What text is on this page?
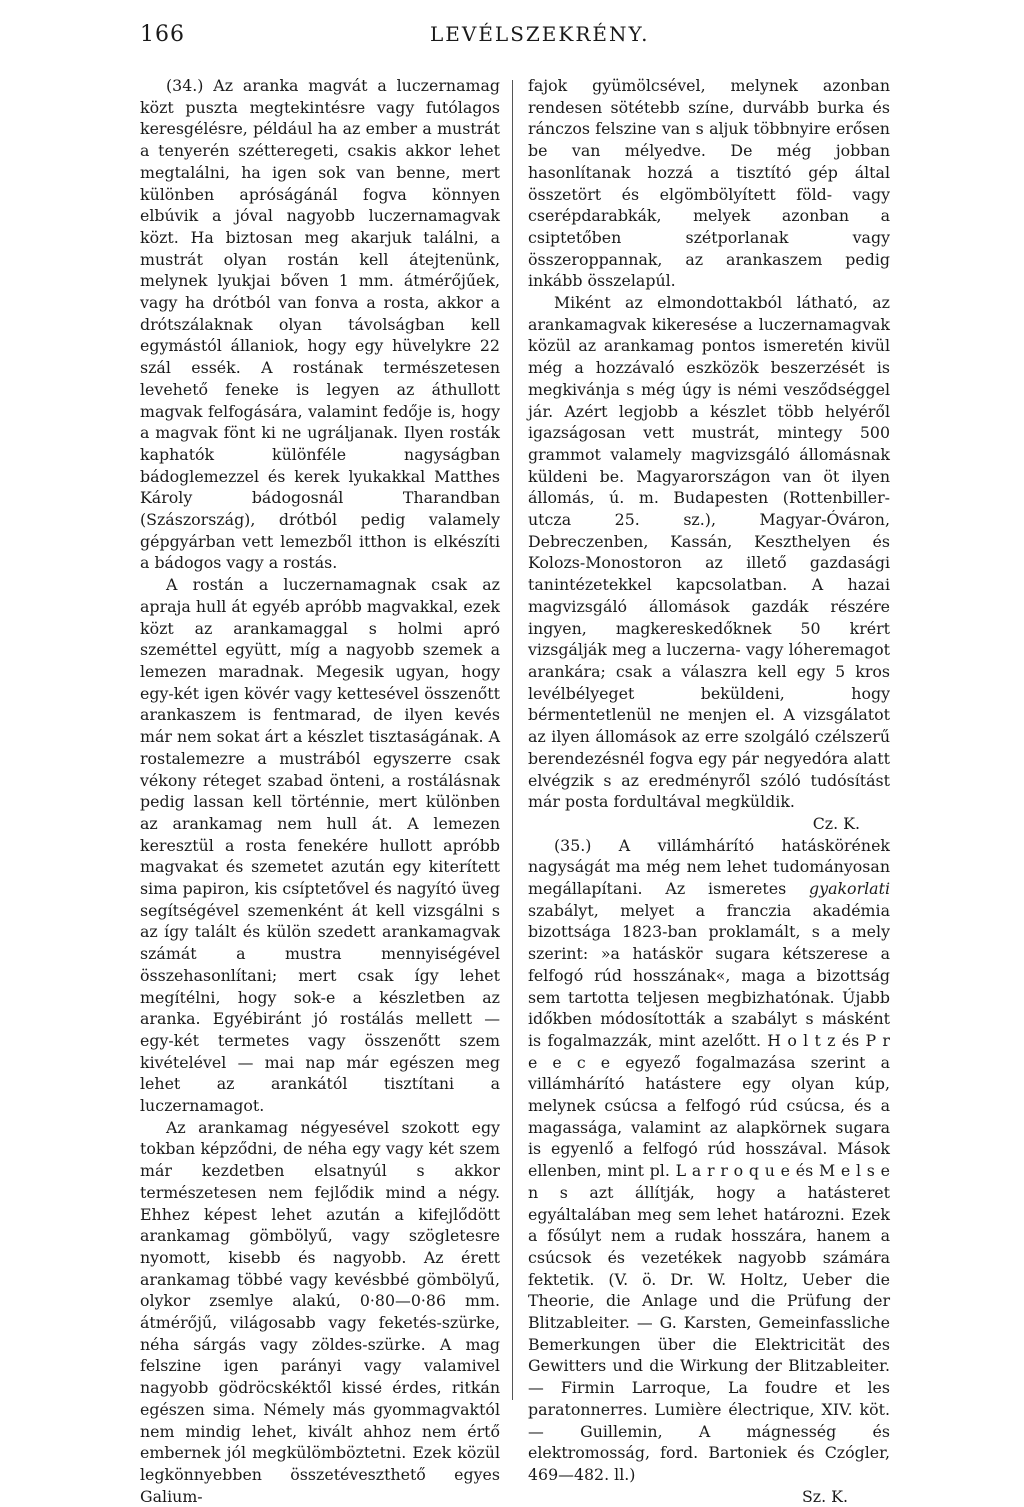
166	LEVÉLSZEKRÉNY.

(34.) Az aranka magvát a luczernamag közt puszta megtekintésre vagy futólagos keresgélésre, például ha az ember a mustrát a tenyerén szétteregeti, csakis akkor lehet megtalálni, ha igen sok van benne, mert különben apróságánál fogva könnyen elbúvik a jóval nagyobb luczernamagvak közt. Ha biztosan meg akarjuk találni, a mustrát olyan rostán kell átejtenünk, melynek lyukjai bőven 1 mm. átmérőjűek, vagy ha drótból van fonva a rosta, akkor a drótszálaknak olyan távolságban kell egymástól állaniok, hogy egy hüvelykre 22 szál essék. A rostának természetesen levehető feneke is legyen az áthullott magvak felfogására, valamint fedője is, hogy a magvak fönt ki ne ugráljanak. Ilyen rosták kaphatók különféle nagyságban bádoglemezzel és kerek lyukakkal Matthes Károly bádogosnál Tharandban (Szászország), drótból pedig valamely gépgyárban vett lemezből itthon is elkészíti a bádogos vagy a rostás.

A rostán a luczernamagnak csak az apraja hull át egyéb apróbb magvakkal, ezek közt az arankamaggal s holmi apró szeméttel együtt, míg a nagyobb szemek a lemezen maradnak. Megesik ugyan, hogy egy-két igen kövér vagy kettesével összenőtt arankaszem is fentmarad, de ilyen kevés már nem sokat árt a készlet tisztaságának. A rostalemezre a mustrából egyszerre csak vékony réteget szabad önteni, a rostálásnak pedig lassan kell történnie, mert különben az arankamag nem hull át. A lemezen keresztül a rosta fenekére hullott apróbb magvakat és szemetet azután egy kiterített sima papiron, kis csíptetővel és nagyító üveg segítségével szemenként át kell vizsgálni s az így talált és külön szedett arankamagvak számát a mustra mennyiségével összehasonlítani; mert csak így lehet megítélni, hogy sok-e a készletben az aranka. Egyébiránt jó rostálás mellett — egy-két termetes vagy összenőtt szem kivételével — mai nap már egészen meg lehet az arankától tisztítani a luczernamagot.

Az arankamag négyesével szokott egy tokban képződni, de néha egy vagy két szem már kezdetben elsatnyúl s akkor természetesen nem fejlődik mind a négy. Ehhez képest lehet azután a kifejlődött arankamag gömbölyű, vagy szögletesre nyomott, kisebb és nagyobb. Az érett arankamag többé vagy kevésbbé gömbölyű, olykor zsemlye alakú, 0·80—0·86 mm. átmérőjű, világosabb vagy feketés-szürke, néha sárgás vagy zöldes-szürke. A mag felszine igen parányi vagy valamivel nagyobb gödröcskéktől kissé érdes, ritkán egészen sima. Némely más gyommagvaktól nem mindig lehet, kivált ahhoz nem értő embernek jól megkülömböztetni. Ezek közül legkönnyebben összetéveszthető egyes Galium-

fajok gyümölcsével, melynek azonban rendesen sötétebb színe, durvább burka és ránczos felszine van s aljuk többnyire erősen be van mélyedve. De még jobban hasonlítanak hozzá a tisztító gép által összetört és elgömbölyített föld- vagy cserépdarabkák, melyek azonban a csiptetőben szétporlanak vagy összeroppannak, az arankaszem pedig inkább összelapúl.

Miként az elmondottakból látható, az arankamagvak kikeresése a luczernamagvak közül az arankamag pontos ismeretén kivül még a hozzávaló eszközök beszerzését is megkivánja s még úgy is némi vesződséggel jár. Azért legjobb a készlet több helyéről igazságosan vett mustrát, mintegy 500 grammot valamely magvizsgáló állomásnak küldeni be. Magyarországon van öt ilyen állomás, ú. m. Budapesten (Rottenbiller-utcza 25. sz.), Magyar-Óváron, Debreczenben, Kassán, Keszthelyen és Kolozs-Monostoron az illető gazdasági tanintézetekkel kapcsolatban. A hazai magvizsgáló állomások gazdák részére ingyen, magkereskedőknek 50 krért vizsgálják meg a luczerna- vagy lóheremagot arankára; csak a válaszra kell egy 5 kros levélbélyeget beküldeni, hogy bérmentetlenül ne menjen el. A vizsgálatot az ilyen állomások az erre szolgáló czélszerű berendezésnél fogva egy pár negyedóra alatt elvégzik s az eredményről szóló tudósítást már posta fordultával megküldik.

Cz. K.

(35.) A villámhárító hatáskörének nagyságát ma még nem lehet tudományosan megállapítani. Az ismeretes gyakorlati szabályt, melyet a franczia akadémia bizottsága 1823-ban proklamált, s a mely szerint: »a hatáskör sugara kétszerese a felfogó rúd hosszának«, maga a bizottság sem tartotta teljesen megbizhatónak. Újabb időkben módosították a szabályt s másként is fogalmazzák, mint azelőtt. H o l t z és P r e e c e egyező fogalmazása szerint a villámhárító hatástere egy olyan kúp, melynek csúcsa a felfogó rúd csúcsa, és a magassága, valamint az alapkörnek sugara is egyenlő a felfogó rúd hosszával. Mások ellenben, mint pl. L a r r o q u e és M e l s e n s azt állítják, hogy a hatásteret egyáltalában meg sem lehet határozni. Ezek a fősúlyt nem a rudak hosszára, hanem a csúcsok és vezetékek nagyobb számára fektetik. (V. ö. Dr. W. Holtz, Ueber die Theorie, die Anlage und die Prüfung der Blitzableiter. — G. Karsten, Gemeinfassliche Bemerkungen über die Elektricität des Gewitters und die Wirkung der Blitzableiter. — Firmin Larroque, La foudre et les paratonnerres. Lumière électrique, XIV. köt. — Guillemin, A mágnesség és elektromosság, ford. Bartoniek és Czógler, 469—482. ll.)

Sz. K.
